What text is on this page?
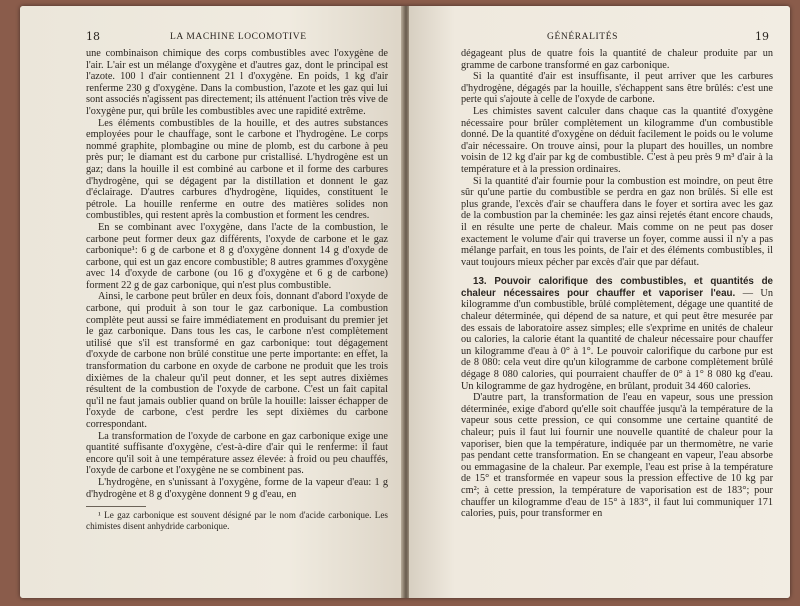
18	LA MACHINE LOCOMOTIVE

une combinaison chimique des corps combustibles avec l'oxygène de l'air. L'air est un mélange d'oxygène et d'autres gaz, dont le principal est l'azote. 100 l d'air contiennent 21 l d'oxygène. En poids, 1 kg d'air renferme 230 g d'oxygène. Dans la combustion, l'azote et les gaz qui lui sont associés n'agissent pas directement; ils atténuent l'action très vive de l'oxygène pur, qui brûle les combustibles avec une rapidité extrême.

Les éléments combustibles de la houille, et des autres substances employées pour le chauffage, sont le carbone et l'hydrogène. Le corps nommé graphite, plombagine ou mine de plomb, est du carbone à peu près pur; le diamant est du carbone pur cristallisé. L'hydrogène est un gaz; dans la houille il est combiné au carbone et il forme des carbures d'hydrogène, qui se dégagent par la distillation et donnent le gaz d'éclairage. D'autres carbures d'hydrogène, liquides, constituent le pétrole. La houille renferme en outre des matières solides non combustibles, qui restent après la combustion et forment les cendres.

En se combinant avec l'oxygène, dans l'acte de la combustion, le carbone peut former deux gaz différents, l'oxyde de carbone et le gaz carbonique¹: 6 g de carbone et 8 g d'oxygène donnent 14 g d'oxyde de carbone, qui est un gaz encore combustible; 8 autres grammes d'oxygène avec 14 d'oxyde de carbone (ou 16 g d'oxygène et 6 g de carbone) forment 22 g de gaz carbonique, qui n'est plus combustible.

Ainsi, le carbone peut brûler en deux fois, donnant d'abord l'oxyde de carbone, qui produit à son tour le gaz carbonique. La combustion complète peut aussi se faire immédiatement en produisant du premier jet le gaz carbonique. Dans tous les cas, le carbone n'est complètement utilisé que s'il est transformé en gaz carbonique: tout dégagement d'oxyde de carbone non brûlé constitue une perte importante: en effet, la transformation du carbone en oxyde de carbone ne produit que les trois dixièmes de la chaleur qu'il peut donner, et les sept autres dixièmes résultent de la combustion de l'oxyde de carbone. C'est un fait capital qu'il ne faut jamais oublier quand on brûle la houille: laisser échapper de l'oxyde de carbone, c'est perdre les sept dixièmes du carbone correspondant.

La transformation de l'oxyde de carbone en gaz carbonique exige une quantité suffisante d'oxygène, c'est-à-dire d'air qui le renferme: il faut encore qu'il soit à une température assez élevée: à froid ou peu chauffés, l'oxyde de carbone et l'oxygène ne se combinent pas.

L'hydrogène, en s'unissant à l'oxygène, forme de la vapeur d'eau: 1 g d'hydrogène et 8 g d'oxygène donnent 9 g d'eau, en

¹ Le gaz carbonique est souvent désigné par le nom d'acide carbonique. Les chimistes disent anhydride carbonique.

GÉNÉRALITÉS	19

dégageant plus de quatre fois la quantité de chaleur produite par un gramme de carbone transformé en gaz carbonique.

Si la quantité d'air est insuffisante, il peut arriver que les carbures d'hydrogène, dégagés par la houille, s'échappent sans être brûlés: c'est une perte qui s'ajoute à celle de l'oxyde de carbone.

Les chimistes savent calculer dans chaque cas la quantité d'oxygène nécessaire pour brûler complètement un kilogramme d'un combustible donné. De la quantité d'oxygène on déduit facilement le poids ou le volume d'air nécessaire. On trouve ainsi, pour la plupart des houilles, un nombre voisin de 12 kg d'air par kg de combustible. C'est à peu près 9 m³ d'air à la température et à la pression ordinaires.

Si la quantité d'air fournie pour la combustion est moindre, on peut être sûr qu'une partie du combustible se perdra en gaz non brûlés. Si elle est plus grande, l'excès d'air se chauffera dans le foyer et sortira avec les gaz de la combustion par la cheminée: les gaz ainsi rejetés étant encore chauds, il en résulte une perte de chaleur. Mais comme on ne peut pas doser exactement le volume d'air qui traverse un foyer, comme aussi il n'y a pas mélange parfait, en tous les points, de l'air et des éléments combustibles, il vaut toujours mieux pécher par excès d'air que par défaut.

13. Pouvoir calorifique des combustibles, et quantités de chaleur nécessaires pour chauffer et vaporiser l'eau. — Un kilogramme d'un combustible, brûlé complètement, dégage une quantité de chaleur déterminée, qui dépend de sa nature, et qui peut être mesurée par des essais de laboratoire assez simples; elle s'exprime en unités de chaleur ou calories, la calorie étant la quantité de chaleur nécessaire pour chauffer un kilogramme d'eau à 0° à 1°. Le pouvoir calorifique du carbone pur est de 8 080: cela veut dire qu'un kilogramme de carbone complètement brûlé dégage 8 080 calories, qui pourraient chauffer de 0° à 1° 8 080 kg d'eau. Un kilogramme de gaz hydrogène, en brûlant, produit 34 460 calories.

D'autre part, la transformation de l'eau en vapeur, sous une pression déterminée, exige d'abord qu'elle soit chauffée jusqu'à la température de la vapeur sous cette pression, ce qui consomme une certaine quantité de chaleur; puis il faut lui fournir une nouvelle quantité de chaleur pour la vaporiser, bien que la température, indiquée par un thermomètre, ne varie pas pendant cette transformation. En se changeant en vapeur, l'eau absorbe ou emmagasine de la chaleur. Par exemple, l'eau est prise à la température de 15° et transformée en vapeur sous la pression effective de 10 kg par cm²; à cette pression, la température de vaporisation est de 183°; pour chauffer un kilogramme d'eau de 15° à 183°, il faut lui communiquer 171 calories, puis, pour transformer en
